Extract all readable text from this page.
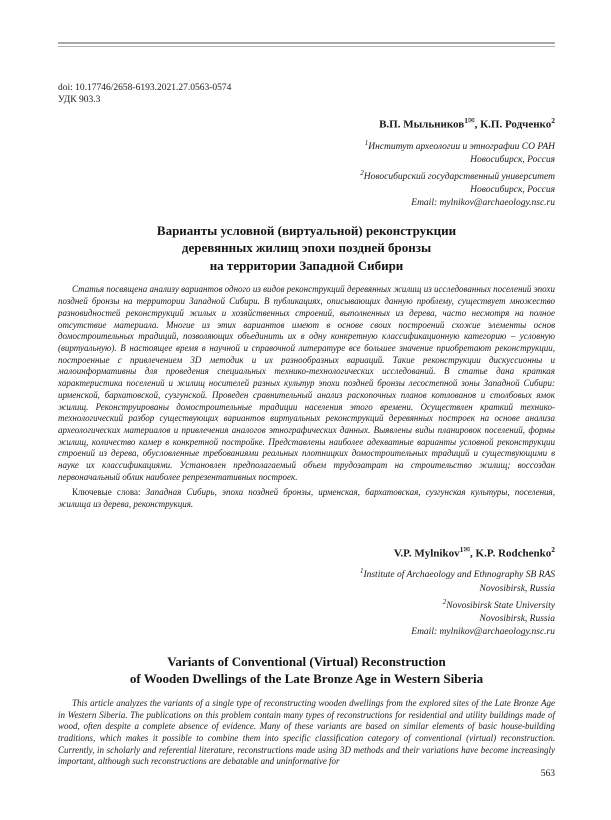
doi: 10.17746/2658-6193.2021.27.0563-0574
УДК 903.3
В.П. Мыльников$^{1✉}$, К.П. Родченко$^2$
$^1$Институт археологии и этнографии СО РАН
Новосибирск, Россия
$^2$Новосибирский государственный университет
Новосибирск, Россия
Email: mylnikov@archaeology.nsc.ru
Варианты условной (виртуальной) реконструкции
деревянных жилищ эпохи поздней бронзы
на территории Западной Сибири

Статья посвящена анализу вариантов одного из видов реконструкций деревянных жилищ из исследованных поселений эпохи поздней бронзы на территории Западной Сибири. В публикациях, описывающих данную проблему, существует множество разновидностей реконструкций жилых и хозяйственных строений, выполненных из дерева, часто несмотря на полное отсутствие материала. Многие из этих вариантов имеют в основе своих построений схожие элементы основ домостроительных традиций, позволяющих объединить их в одну конкретную классификационную категорию – условную (виртуальную). В настоящее время в научной и справочной литературе все большее значение приобретают реконструкции, построенные с привлечением 3D методик и их разнообразных вариаций. Такие реконструкции дискуссионны и малоинформативны для проведения специальных технико-технологических исследований. В статье дана краткая характеристика поселений и жилищ носителей разных культур эпохи поздней бронзы лесостепной зоны Западной Сибири: ирменской, бархатовской, сузгунской. Проведен сравнительный анализ раскопочных планов котлованов и столбовых ямок жилищ. Реконструированы домостроительные традиции населения этого времени. Осуществлен краткий технико-технологический разбор существующих вариантов виртуальных реконструкций деревянных построек на основе анализа археологических материалов и привлечения аналогов этнографических данных. Выявлены виды планировок поселений, формы жилищ, количество камер в конкретной постройке. Представлены наиболее адекватные варианты условной реконструкции строений из дерева, обусловленные требованиями реальных плотницких домостроительных традиций и существующими в науке их классификациями. Установлен предполагаемый объем трудозатрат на строительство жилищ; воссоздан первоначальный облик наиболее репрезентативных построек.

Ключевые слова: Западная Сибирь, эпоха поздней бронзы, ирменская, бархатовская, сузгунская культуры, поселения, жилища из дерева, реконструкция.

V.P. Mylnikov$^{1✉}$, K.P. Rodchenko$^2$
$^1$Institute of Archaeology and Ethnography SB RAS
Novosibirsk, Russia
$^2$Novosibirsk State University
Novosibirsk, Russia
Email: mylnikov@archaeology.nsc.ru
Variants of Conventional (Virtual) Reconstruction
of Wooden Dwellings of the Late Bronze Age in Western Siberia

This article analyzes the variants of a single type of reconstructing wooden dwellings from the explored sites of the Late Bronze Age in Western Siberia. The publications on this problem contain many types of reconstructions for residential and utility buildings made of wood, often despite a complete absence of evidence. Many of these variants are based on similar elements of basic house-building traditions, which makes it possible to combine them into specific classification category of conventional (virtual) reconstruction. Currently, in scholarly and referential literature, reconstructions made using 3D methods and their variations have become increasingly important, although such reconstructions are debatable and uninformative for

563
